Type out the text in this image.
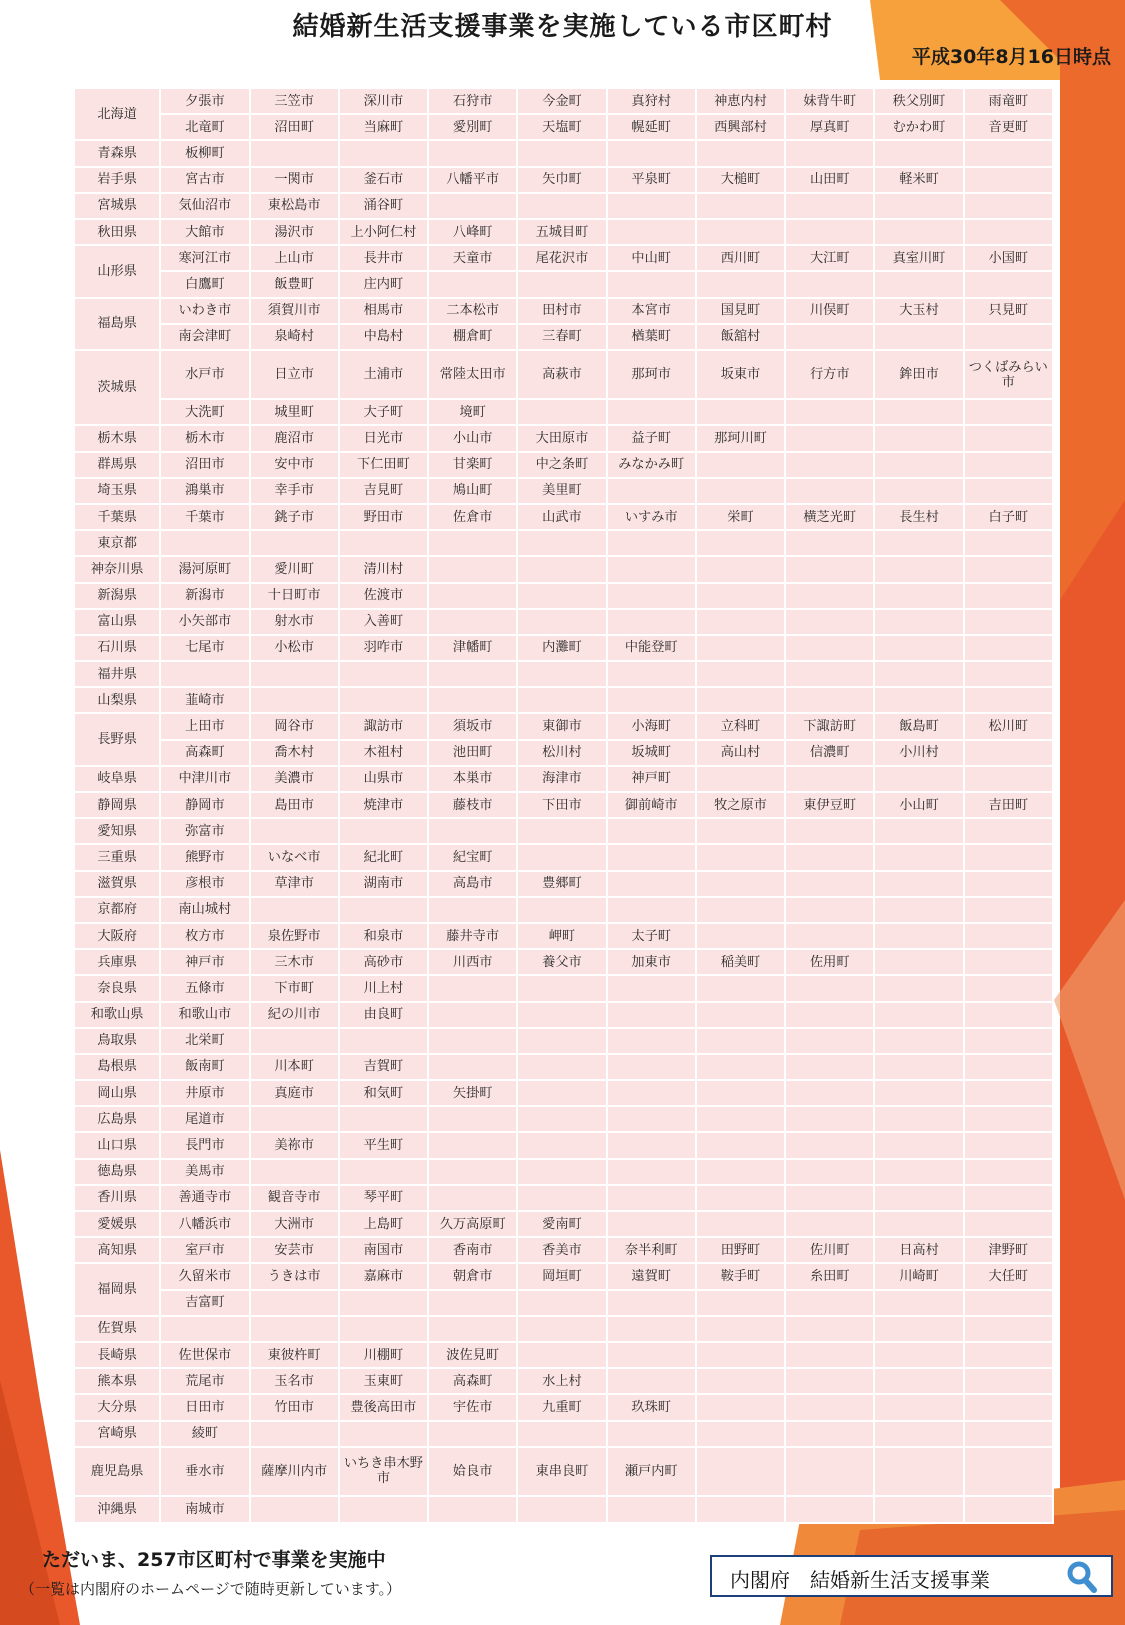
結婚新生活支援事業を実施している市区町村
平成30年8月16日時点
北海道	夕張市	三笠市	深川市	石狩市	今金町	真狩村	神恵内村	妹背牛町	秩父別町	雨竜町
	北竜町	沼田町	当麻町	愛別町	天塩町	幌延町	西興部村	厚真町	むかわ町	音更町
青森県	板柳町									
岩手県	宮古市	一関市	釜石市	八幡平市	矢巾町	平泉町	大槌町	山田町	軽米町	
宮城県	気仙沼市	東松島市	涌谷町							
秋田県	大館市	湯沢市	上小阿仁村	八峰町	五城目町					
山形県	寒河江市	上山市	長井市	天童市	尾花沢市	中山町	西川町	大江町	真室川町	小国町
	白鷹町	飯豊町	庄内町							
福島県	いわき市	須賀川市	相馬市	二本松市	田村市	本宮市	国見町	川俣町	大玉村	只見町
	南会津町	泉崎村	中島村	棚倉町	三春町	楢葉町	飯舘村			
茨城県	水戸市	日立市	土浦市	常陸太田市	高萩市	那珂市	坂東市	行方市	鉾田市	つくばみらい市
	大洗町	城里町	大子町	境町						
栃木県	栃木市	鹿沼市	日光市	小山市	大田原市	益子町	那珂川町			
群馬県	沼田市	安中市	下仁田町	甘楽町	中之条町	みなかみ町				
埼玉県	鴻巣市	幸手市	吉見町	鳩山町	美里町					
千葉県	千葉市	銚子市	野田市	佐倉市	山武市	いすみ市	栄町	横芝光町	長生村	白子町
東京都										
神奈川県	湯河原町	愛川町	清川村							
新潟県	新潟市	十日町市	佐渡市							
富山県	小矢部市	射水市	入善町							
石川県	七尾市	小松市	羽咋市	津幡町	内灘町	中能登町				
福井県										
山梨県	韮崎市									
長野県	上田市	岡谷市	諏訪市	須坂市	東御市	小海町	立科町	下諏訪町	飯島町	松川町
	高森町	喬木村	木祖村	池田町	松川村	坂城町	高山村	信濃町	小川村	
岐阜県	中津川市	美濃市	山県市	本巣市	海津市	神戸町				
静岡県	静岡市	島田市	焼津市	藤枝市	下田市	御前崎市	牧之原市	東伊豆町	小山町	吉田町
愛知県	弥富市									
三重県	熊野市	いなべ市	紀北町	紀宝町						
滋賀県	彦根市	草津市	湖南市	高島市	豊郷町					
京都府	南山城村									
大阪府	枚方市	泉佐野市	和泉市	藤井寺市	岬町	太子町				
兵庫県	神戸市	三木市	高砂市	川西市	養父市	加東市	稲美町	佐用町		
奈良県	五條市	下市町	川上村							
和歌山県	和歌山市	紀の川市	由良町							
鳥取県	北栄町									
島根県	飯南町	川本町	吉賀町							
岡山県	井原市	真庭市	和気町	矢掛町						
広島県	尾道市									
山口県	長門市	美祢市	平生町							
徳島県	美馬市									
香川県	善通寺市	観音寺市	琴平町							
愛媛県	八幡浜市	大洲市	上島町	久万高原町	愛南町					
高知県	室戸市	安芸市	南国市	香南市	香美市	奈半利町	田野町	佐川町	日高村	津野町
福岡県	久留米市	うきは市	嘉麻市	朝倉市	岡垣町	遠賀町	鞍手町	糸田町	川崎町	大任町
	吉富町									
佐賀県										
長崎県	佐世保市	東彼杵町	川棚町	波佐見町						
熊本県	荒尾市	玉名市	玉東町	高森町	水上村					
大分県	日田市	竹田市	豊後高田市	宇佐市	九重町	玖珠町				
宮崎県	綾町									
鹿児島県	垂水市	薩摩川内市	いちき串木野市	姶良市	東串良町	瀬戸内町				
沖縄県	南城市									
ただいま、257市区町村で事業を実施中
（一覧は内閣府のホームページで随時更新しています。）	内閣府　結婚新生活支援事業
